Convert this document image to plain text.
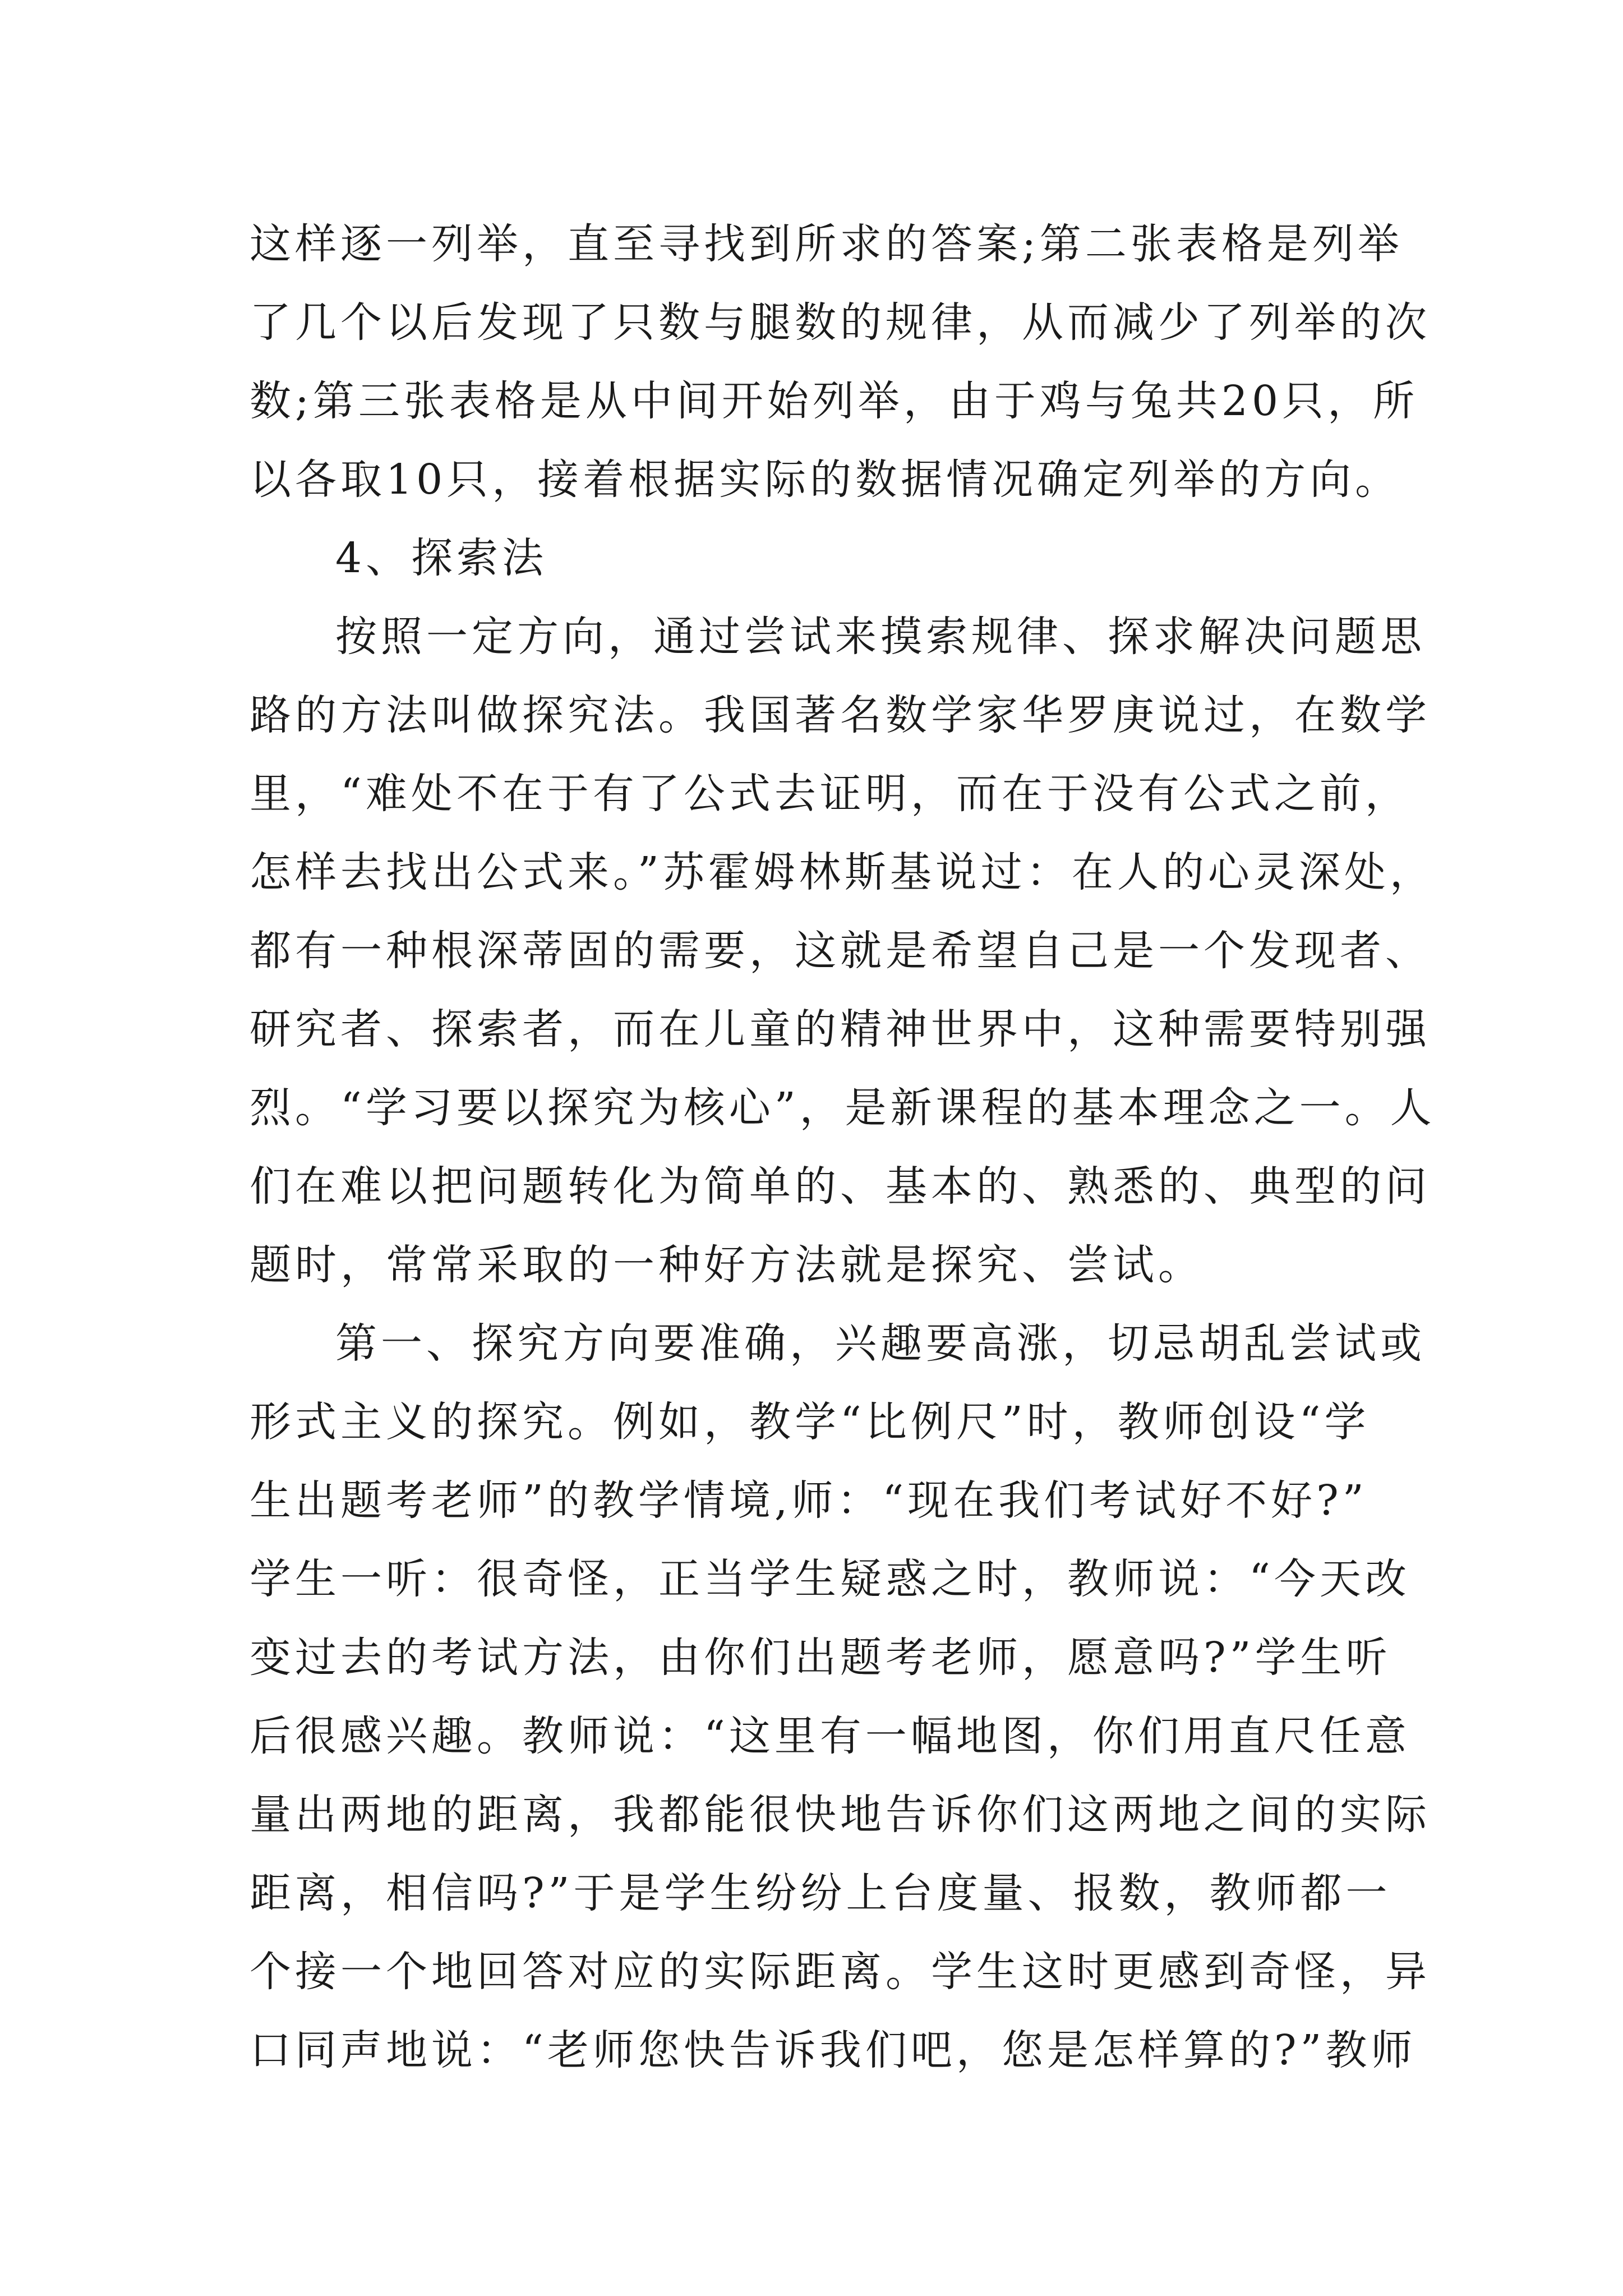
这样逐一列举，直至寻找到所求的答案;第二张表格是列举
了几个以后发现了只数与腿数的规律，从而减少了列举的次
数;第三张表格是从中间开始列举，由于鸡与兔共20只，所
以各取10只，接着根据实际的数据情况确定列举的方向。
4、探索法
按照一定方向，通过尝试来摸索规律、探求解决问题思
路的方法叫做探究法。我国著名数学家华罗庚说过，在数学
里，“难处不在于有了公式去证明，而在于没有公式之前，
怎样去找出公式来。”苏霍姆林斯基说过：在人的心灵深处，
都有一种根深蒂固的需要，这就是希望自己是一个发现者、
研究者、探索者，而在儿童的精神世界中，这种需要特别强
烈。“学习要以探究为核心”，是新课程的基本理念之一。人
们在难以把问题转化为简单的、基本的、熟悉的、典型的问
题时，常常采取的一种好方法就是探究、尝试。
第一、探究方向要准确，兴趣要高涨，切忌胡乱尝试或
形式主义的探究。例如，教学“比例尺”时，教师创设“学
生出题考老师”的教学情境,师：“现在我们考试好不好?”
学生一听：很奇怪，正当学生疑惑之时，教师说：“今天改
变过去的考试方法，由你们出题考老师，愿意吗?”学生听
后很感兴趣。教师说：“这里有一幅地图，你们用直尺任意
量出两地的距离，我都能很快地告诉你们这两地之间的实际
距离，相信吗?”于是学生纷纷上台度量、报数，教师都一
个接一个地回答对应的实际距离。学生这时更感到奇怪，异
口同声地说：“老师您快告诉我们吧，您是怎样算的?”教师
